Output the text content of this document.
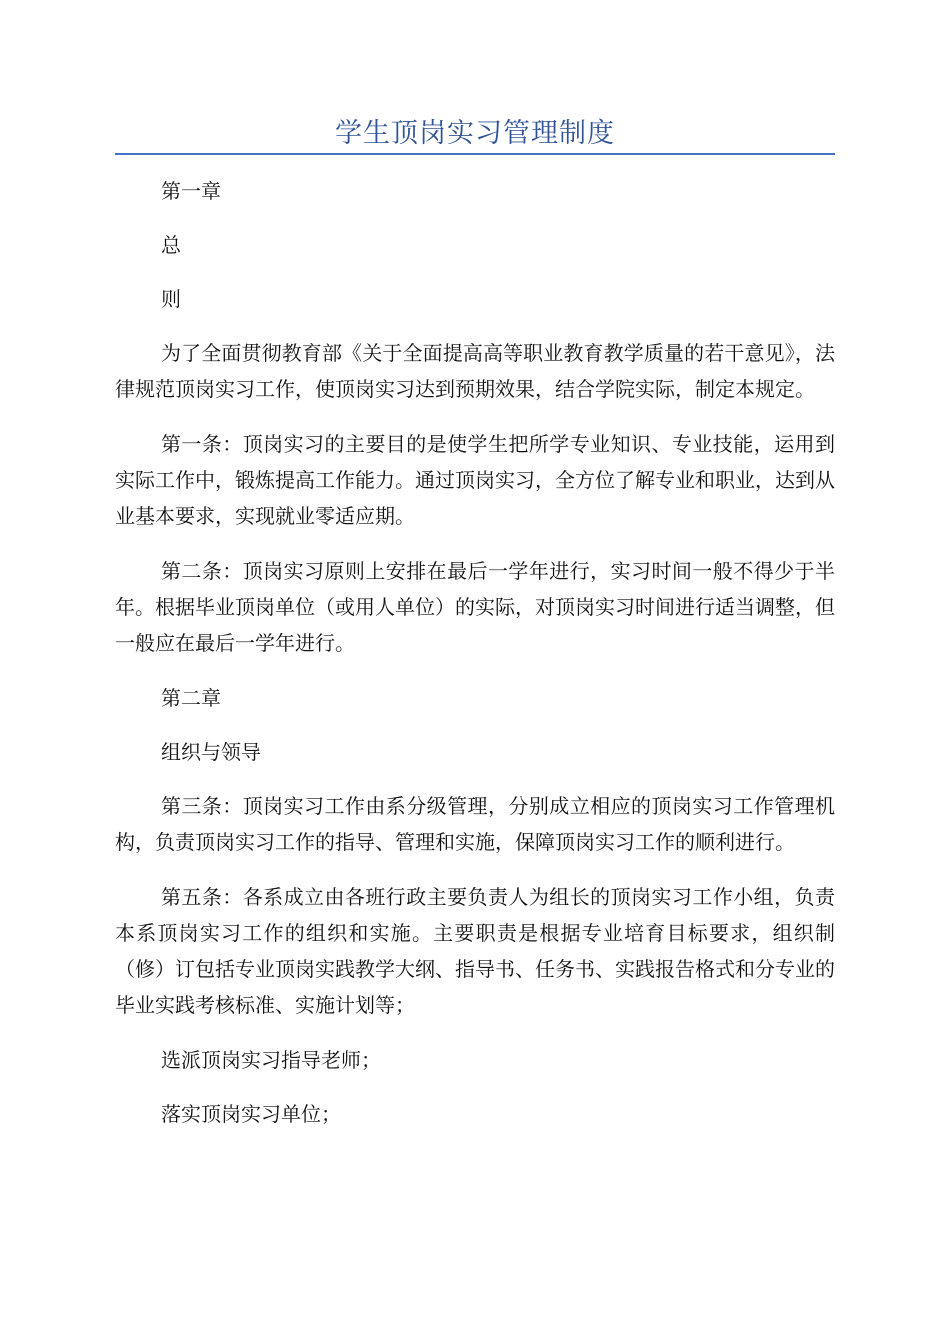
学生顶岗实习管理制度

第一章

总

则

为了全面贯彻教育部《关于全面提高高等职业教育教学质量的若干意见》，法律规范顶岗实习工作，使顶岗实习达到预期效果，结合学院实际，制定本规定。

第一条：顶岗实习的主要目的是使学生把所学专业知识、专业技能，运用到实际工作中，锻炼提高工作能力。通过顶岗实习，全方位了解专业和职业，达到从业基本要求，实现就业零适应期。

第二条：顶岗实习原则上安排在最后一学年进行，实习时间一般不得少于半年。根据毕业顶岗单位（或用人单位）的实际，对顶岗实习时间进行适当调整，但一般应在最后一学年进行。

第二章

组织与领导

第三条：顶岗实习工作由系分级管理，分别成立相应的顶岗实习工作管理机构，负责顶岗实习工作的指导、管理和实施，保障顶岗实习工作的顺利进行。

第五条：各系成立由各班行政主要负责人为组长的顶岗实习工作小组，负责本系顶岗实习工作的组织和实施。主要职责是根据专业培育目标要求，组织制（修）订包括专业顶岗实践教学大纲、指导书、任务书、实践报告格式和分专业的毕业实践考核标准、实施计划等；

选派顶岗实习指导老师；

落实顶岗实习单位；
